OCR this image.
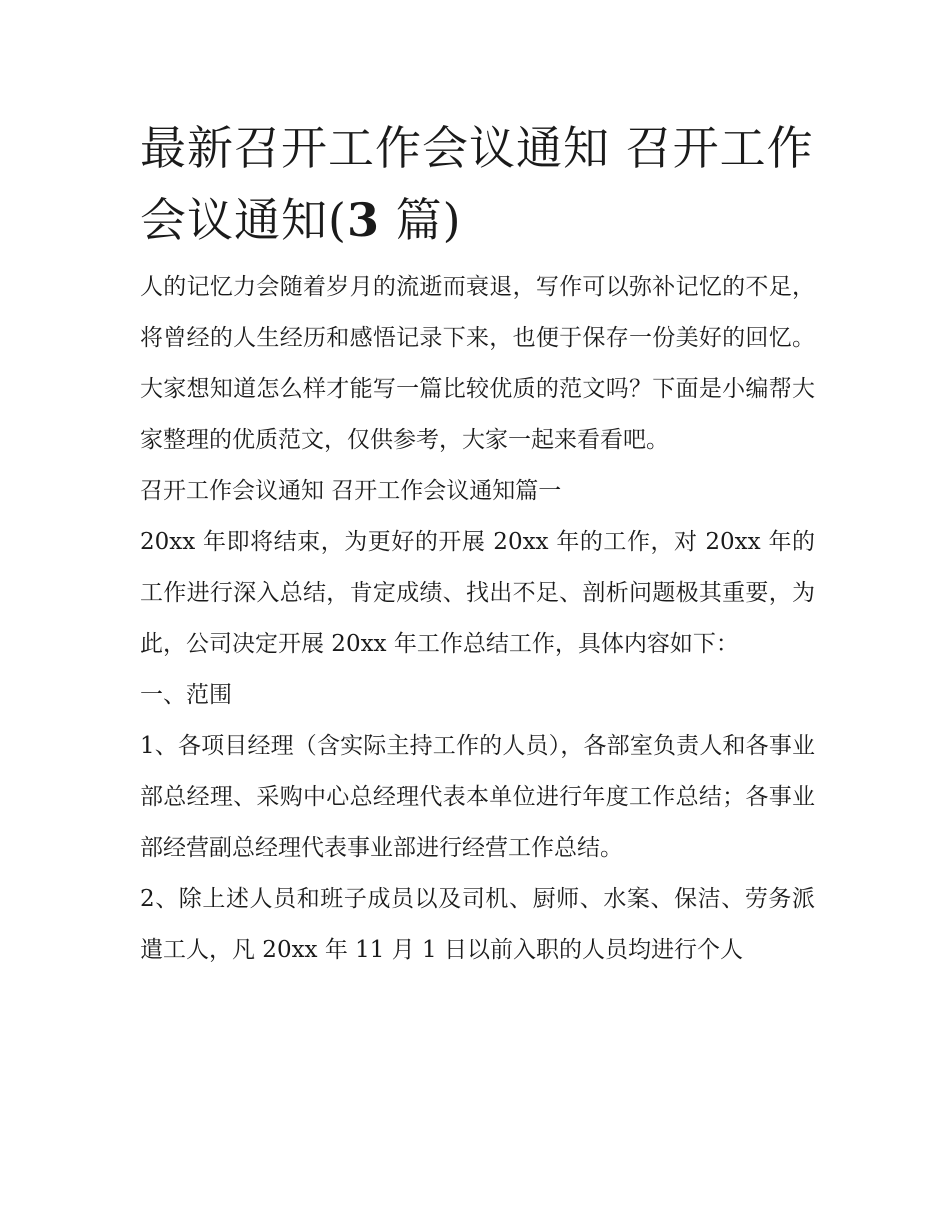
最新召开工作会议通知 召开工作会议通知(3 篇)

人的记忆力会随着岁月的流逝而衰退，写作可以弥补记忆的不足，将曾经的人生经历和感悟记录下来，也便于保存一份美好的回忆。大家想知道怎么样才能写一篇比较优质的范文吗？下面是小编帮大家整理的优质范文，仅供参考，大家一起来看看吧。

召开工作会议通知 召开工作会议通知篇一

20xx 年即将结束，为更好的开展 20xx 年的工作，对 20xx 年的工作进行深入总结，肯定成绩、找出不足、剖析问题极其重要，为此，公司决定开展 20xx 年工作总结工作，具体内容如下：

一、范围

1、各项目经理（含实际主持工作的人员），各部室负责人和各事业部总经理、采购中心总经理代表本单位进行年度工作总结；各事业部经营副总经理代表事业部进行经营工作总结。

2、除上述人员和班子成员以及司机、厨师、水案、保洁、劳务派遣工人，凡 20xx 年 11 月 1 日以前入职的人员均进行个人
